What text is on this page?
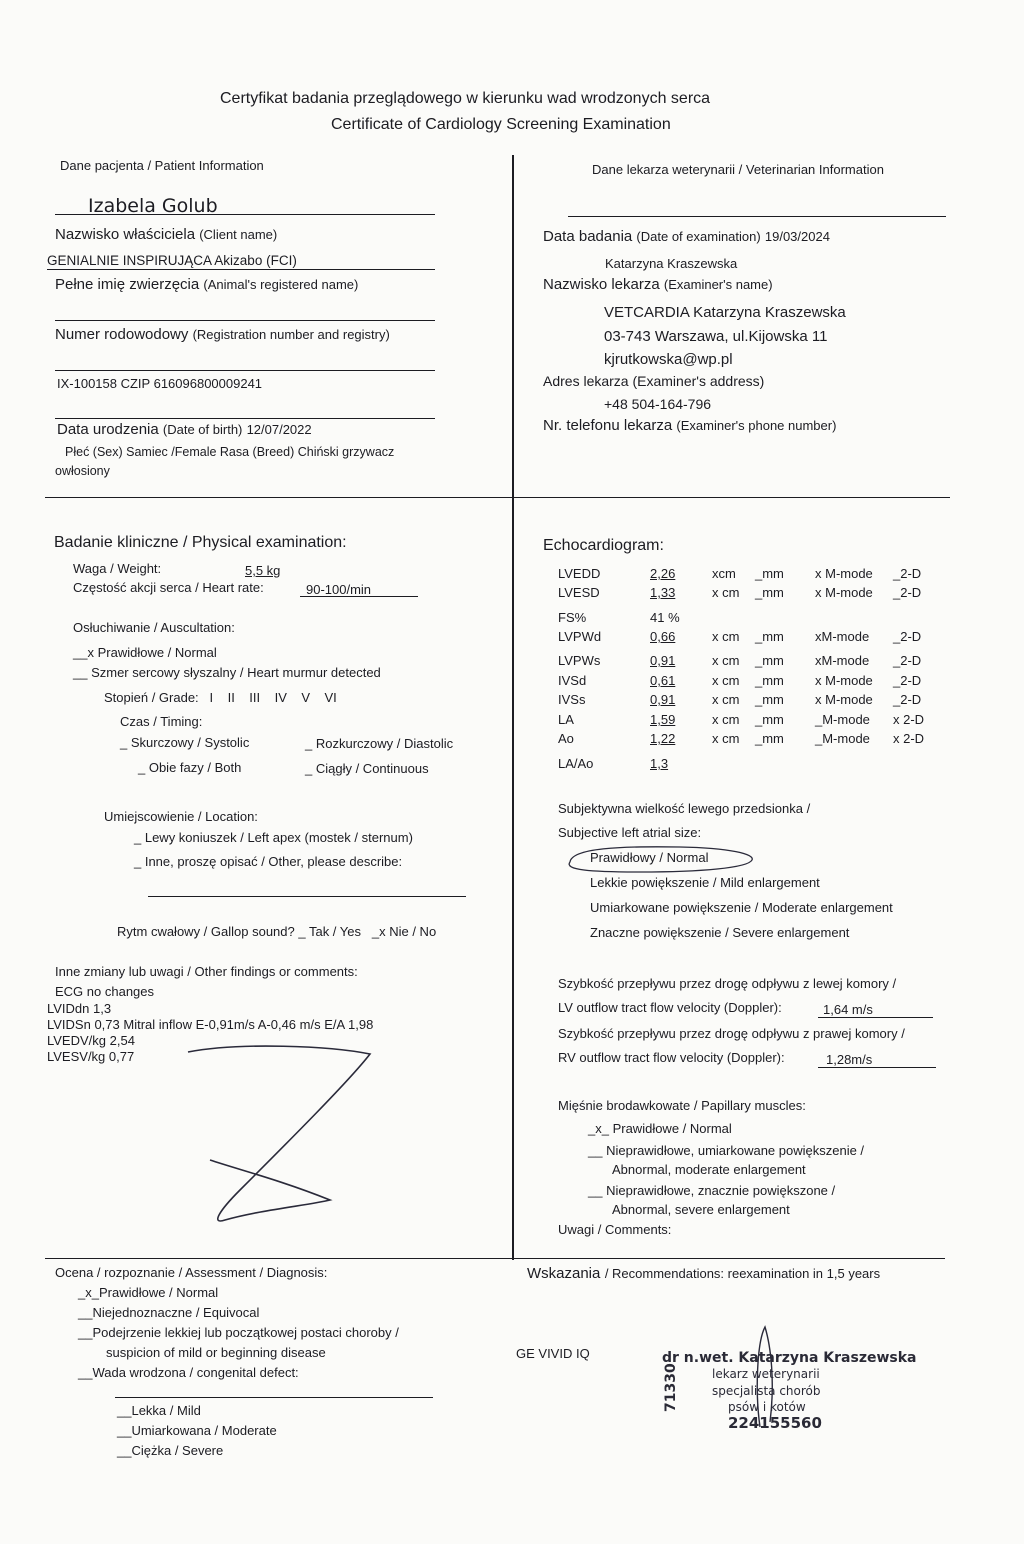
Certyfikat badania przeglądowego w kierunku wad wrodzonych serca
Certificate of Cardiology Screening Examination
Dane pacjenta / Patient Information
Izabela Golub
Nazwisko właściciela (Client name)
GENIALNIE INSPIRUJĄCA Akizabo (FCI)
Pełne imię zwierzęcia (Animal's registered name)
Numer rodowodowy (Registration number and registry)
IX-100158 CZIP 616096800009241
Data urodzenia (Date of birth) 12/07/2022
Płeć (Sex) Samiec /Female Rasa (Breed) Chiński grzywacz
owłosiony
Dane lekarza weterynarii / Veterinarian Information
Data badania (Date of examination) 19/03/2024
Katarzyna Kraszewska
Nazwisko lekarza (Examiner's name)
VETCARDIA Katarzyna Kraszewska
03-743 Warszawa, ul.Kijowska 11
kjrutkowska@wp.pl
Adres lekarza (Examiner's address)
+48 504-164-796
Nr. telefonu lekarza (Examiner's phone number)
Badanie kliniczne / Physical examination:
Waga / Weight:	5,5 kg
Częstość akcji serca / Heart rate:	90-100/min
Osłuchiwanie / Auscultation:
__x Prawidłowe / Normal
__ Szmer sercowy słyszalny / Heart murmur detected
Stopień / Grade: I II III IV V VI
Czas / Timing:
_ Skurczowy / Systolic	_ Rozkurczowy / Diastolic
_ Obie fazy / Both	_ Ciągły / Continuous
Umiejscowienie / Location:
_ Lewy koniuszek / Left apex (mostek / sternum)
_ Inne, proszę opisać / Other, please describe:
Rytm cwałowy / Gallop sound? _ Tak / Yes   _x Nie / No
Inne zmiany lub uwagi / Other findings or comments:
ECG no changes
LVIDdn 1,3
LVIDSn 0,73 Mitral inflow E-0,91m/s A-0,46 m/s E/A 1,98
LVEDV/kg 2,54
LVESV/kg 0,77
Echocardiogram:
LVEDD	2,26	xcm _mm x M-mode _2-D
LVESD	1,33	x cm _mm x M-mode _2-D
FS%	41 %
LVPWd	0,66	x cm _mm xM-mode _2-D
LVPWs	0,91	x cm _mm xM-mode _2-D
IVSd	0,61	x cm _mm x M-mode _2-D
IVSs	0,91	x cm _mm x M-mode _2-D
LA	1,59	x cm _mm _M-mode x 2-D
Ao	1,22	x cm _mm _M-mode x 2-D
LA/Ao	1,3
Subjektywna wielkość lewego przedsionka /
Subjective left atrial size:
Prawidłowy / Normal
Lekkie powiększenie / Mild enlargement
Umiarkowane powiększenie / Moderate enlargement
Znaczne powiększenie / Severe enlargement
Szybkość przepływu przez drogę odpływu z lewej komory /
LV outflow tract flow velocity (Doppler):	1,64 m/s
Szybkość przepływu przez drogę odpływu z prawej komory /
RV outflow tract flow velocity (Doppler):	1,28m/s
Mięśnie brodawkowate / Papillary muscles:
_x_ Prawidłowe / Normal
__ Nieprawidłowe, umiarkowane powiększenie /
Abnormal, moderate enlargement
__ Nieprawidłowe, znacznie powiększone /
Abnormal, severe enlargement
Uwagi / Comments:
Ocena / rozpoznanie / Assessment / Diagnosis:
_x_Prawidłowe / Normal
__Niejednoznaczne / Equivocal
__Podejrzenie lekkiej lub początkowej postaci choroby /
suspicion of mild or beginning disease
__Wada wrodzona / congenital defect:
__Lekka / Mild
__Umiarkowana / Moderate
__Ciężka / Severe
Wskazania / Recommendations: reexamination in 1,5 years
GE VIVID IQ	dr n.wet. Katarzyna Kraszewska
lekarz weterynarii
specjalista chorób
psów i kotów
224155560
71330
